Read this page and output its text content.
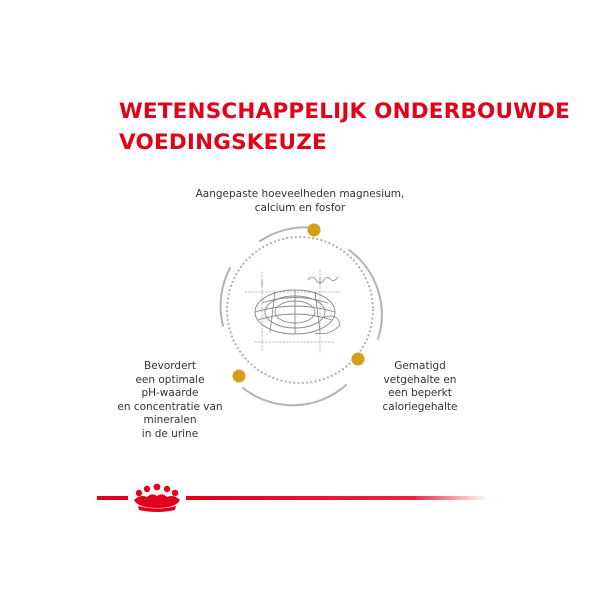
WETENSCHAPPELIJK ONDERBOUWDE
VOEDINGSKEUZE

Aangepaste hoeveelheden magnesium,
calcium en fosfor

Bevordert
een optimale
pH-waarde
en concentratie van
mineralen
in de urine

Gematigd
vetgehalte en
een beperkt
caloriegehalte
